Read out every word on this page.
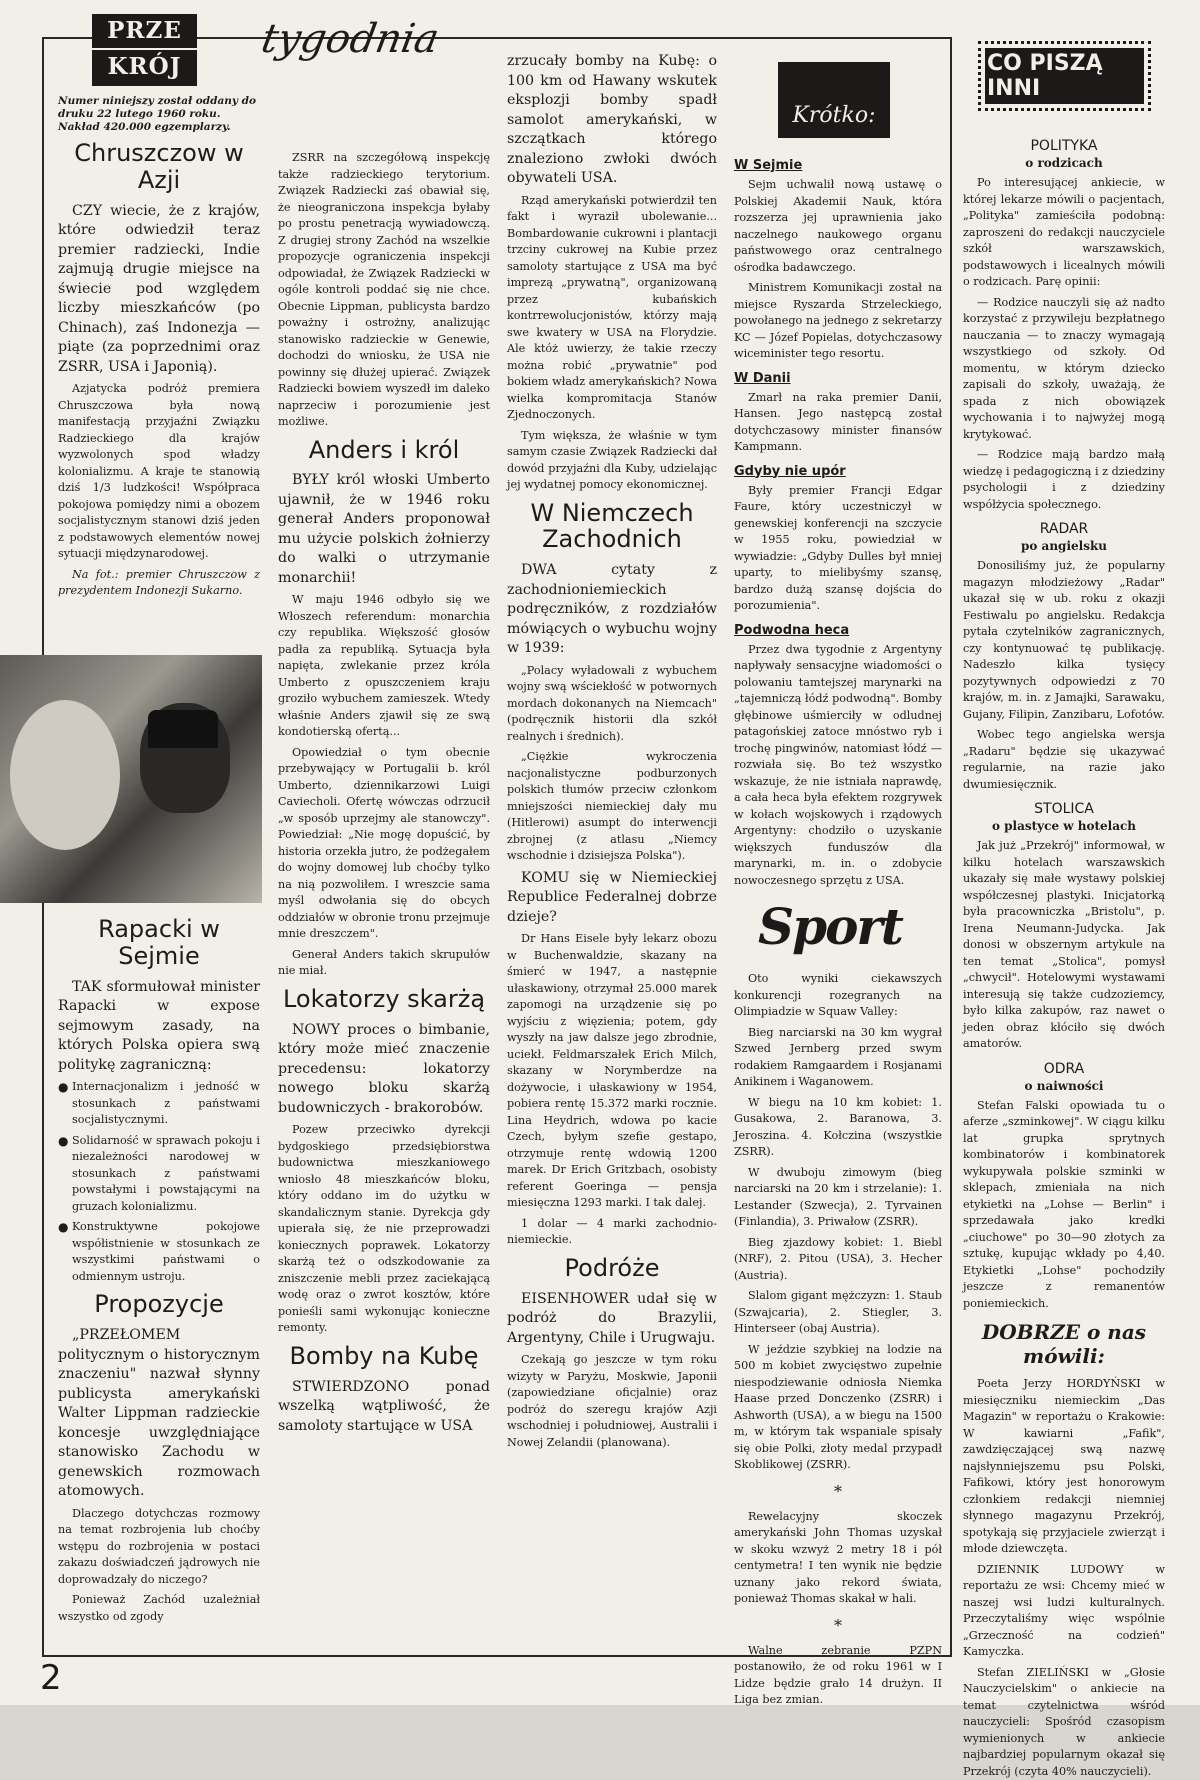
PRZE
KRÓJ
tygodnia

Numer niniejszy został oddany do druku 22 lutego 1960 roku. Nakład 420.000 egzemplarzy.

Chruszczow w Azji

CZY wiecie, że z krajów, które odwiedził teraz premier radziecki, Indie zajmują drugie miejsce na świecie pod względem liczby mieszkańców (po Chinach), zaś Indonezja — piąte (za poprzednimi oraz ZSRR, USA i Japonią).

Azjatycka podróż premiera Chruszczowa była nową manifestacją przyjaźni Związku Radzieckiego dla krajów wyzwolonych spod władzy kolonializmu. A kraje te stanowią dziś 1/3 ludzkości! Współpraca pokojowa pomiędzy nimi a obozem socjalistycznym stanowi dziś jeden z podstawowych elementów nowej sytuacji międzynarodowej.

Na fot.: premier Chruszczow z prezydentem Indonezji Sukarno.

Rapacki w Sejmie

TAK sformułował minister Rapacki w expose sejmowym zasady, na których Polska opiera swą politykę zagraniczną:

● Internacjonalizm i jedność w stosunkach z państwami socjalistycznymi.

● Solidarność w sprawach pokoju i niezależności narodowej w stosunkach z państwami powstałymi i powstającymi na gruzach kolonializmu.

● Konstruktywne pokojowe współistnienie w stosunkach ze wszystkimi państwami o odmiennym ustroju.

Propozycje

„PRZEŁOMEM politycznym o historycznym znaczeniu" nazwał słynny publicysta amerykański Walter Lippman radzieckie koncesje uwzględniające stanowisko Zachodu w genewskich rozmowach atomowych.

Dlaczego dotychczas rozmowy na temat rozbrojenia lub choćby wstępu do rozbrojenia w postaci zakazu doświadczeń jądrowych nie doprowadzały do niczego?

Ponieważ Zachód uzależniał wszystko od zgody

ZSRR na szczegółową inspekcję także radzieckiego terytorium. Związek Radziecki zaś obawiał się, że nieograniczona inspekcja byłaby po prostu penetracją wywiadowczą. Z drugiej strony Zachód na wszelkie propozycje ograniczenia inspekcji odpowiadał, że Związek Radziecki w ogóle kontroli poddać się nie chce. Obecnie Lippman, publicysta bardzo poważny i ostrożny, analizując stanowisko radzieckie w Genewie, dochodzi do wniosku, że USA nie powinny się dłużej upierać. Związek Radziecki bowiem wyszedł im daleko naprzeciw i porozumienie jest możliwe.

Anders i król

BYŁY król włoski Umberto ujawnił, że w 1946 roku generał Anders proponował mu użycie polskich żołnierzy do walki o utrzymanie monarchii!

W maju 1946 odbyło się we Włoszech referendum: monarchia czy republika. Większość głosów padła za republiką. Sytuacja była napięta, zwlekanie przez króla Umberto z opuszczeniem kraju groziło wybuchem zamieszek. Wtedy właśnie Anders zjawił się ze swą kondotierską ofertą...

Opowiedział o tym obecnie przebywający w Portugalii b. król Umberto, dziennikarzowi Luigi Caviecholi. Ofertę wówczas odrzucił „w sposób uprzejmy ale stanowczy". Powiedział: „Nie mogę dopuścić, by historia orzekła jutro, że podżegałem do wojny domowej lub choćby tylko na nią pozwoliłem. I wreszcie sama myśl odwołania się do obcych oddziałów w obronie tronu przejmuje mnie dreszczem".

Generał Anders takich skrupułów nie miał.

Lokatorzy skarżą

NOWY proces o bimbanie, który może mieć znaczenie precedensu: lokatorzy nowego bloku skarżą budowniczych - brakorobów.

Pozew przeciwko dyrekcji bydgoskiego przedsiębiorstwa budownictwa mieszkaniowego wniosło 48 mieszkańców bloku, który oddano im do użytku w skandalicznym stanie. Dyrekcja gdy upierała się, że nie przeprowadzi koniecznych poprawek. Lokatorzy skarżą też o odszkodowanie za zniszczenie mebli przez zaciekającą wodę oraz o zwrot kosztów, które ponieśli sami wykonując konieczne remonty.

Bomby na Kubę

STWIERDZONO ponad wszelką wątpliwość, że samoloty startujące w USA

zrzucały bomby na Kubę: o 100 km od Hawany wskutek eksplozji bomby spadł samolot amerykański, w szczątkach którego znaleziono zwłoki dwóch obywateli USA.

Rząd amerykański potwierdził ten fakt i wyraził ubolewanie... Bombardowanie cukrowni i plantacji trzciny cukrowej na Kubie przez samoloty startujące z USA ma być imprezą „prywatną", organizowaną przez kubańskich kontrrewolucjonistów, którzy mają swe kwatery w USA na Florydzie. Ale któż uwierzy, że takie rzeczy można robić „prywatnie" pod bokiem władz amerykańskich? Nowa wielka kompromitacja Stanów Zjednoczonych.

Tym większa, że właśnie w tym samym czasie Związek Radziecki dał dowód przyjaźni dla Kuby, udzielając jej wydatnej pomocy ekonomicznej.

W Niemczech Zachodnich

DWA cytaty z zachodnioniemieckich podręczników, z rozdziałów mówiących o wybuchu wojny w 1939:

„Polacy wyładowali z wybuchem wojny swą wściekłość w potwornych mordach dokonanych na Niemcach" (podręcznik historii dla szkół realnych i średnich).

„Ciężkie wykroczenia nacjonalistyczne podburzonych polskich tłumów przeciw członkom mniejszości niemieckiej dały mu (Hitlerowi) asumpt do interwencji zbrojnej (z atlasu „Niemcy wschodnie i dzisiejsza Polska").

KOMU się w Niemieckiej Republice Federalnej dobrze dzieje?

Dr Hans Eisele były lekarz obozu w Buchenwaldzie, skazany na śmierć w 1947, a następnie ułaskawiony, otrzymał 25.000 marek zapomogi na urządzenie się po wyjściu z więzienia; potem, gdy wyszły na jaw dalsze jego zbrodnie, uciekł. Feldmarszałek Erich Milch, skazany w Norymberdze na dożywocie, i ułaskawiony w 1954, pobiera rentę 15.372 marki rocznie. Lina Heydrich, wdowa po kacie Czech, byłym szefie gestapo, otrzymuje rentę wdowią 1200 marek. Dr Erich Gritzbach, osobisty referent Goeringa — pensja miesięczna 1293 marki. I tak dalej.

1 dolar — 4 marki zachodnio-niemieckie.

Podróże

EISENHOWER udał się w podróż do Brazylii, Argentyny, Chile i Urugwaju.

Czekają go jeszcze w tym roku wizyty w Paryżu, Moskwie, Japonii (zapowiedziane oficjalnie) oraz podróż do szeregu krajów Azji wschodniej i południowej, Australii i Nowej Zelandii (planowana).

Krótko:
W Sejmie

Sejm uchwalił nową ustawę o Polskiej Akademii Nauk, która rozszerza jej uprawnienia jako naczelnego naukowego organu państwowego oraz centralnego ośrodka badawczego.

Ministrem Komunikacji został na miejsce Ryszarda Strzeleckiego, powołanego na jednego z sekretarzy KC — Józef Popielas, dotychczasowy wiceminister tego resortu.

W Danii

Zmarł na raka premier Danii, Hansen. Jego następcą został dotychczasowy minister finansów Kampmann.

Gdyby nie upór

Były premier Francji Edgar Faure, który uczestniczył w genewskiej konferencji na szczycie w 1955 roku, powiedział w wywiadzie: „Gdyby Dulles był mniej uparty, to mielibyśmy szansę, bardzo dużą szansę dojścia do porozumienia".

Podwodna heca

Przez dwa tygodnie z Argentyny napływały sensacyjne wiadomości o polowaniu tamtejszej marynarki na „tajemniczą łódź podwodną". Bomby głębinowe uśmierciły w odludnej patagońskiej zatoce mnóstwo ryb i trochę pingwinów, natomiast łódź — rozwiała się. Bo też wszystko wskazuje, że nie istniała naprawdę, a cała heca była efektem rozgrywek w kołach wojskowych i rządowych Argentyny: chodziło o uzyskanie większych funduszów dla marynarki, m. in. o zdobycie nowoczesnego sprzętu z USA.

Oto wyniki ciekawszych konkurencji rozegranych na Olimpiadzie w Squaw Valley:

Bieg narciarski na 30 km wygrał Szwed Jernberg przed swym rodakiem Ramgaardem i Rosjanami Anikinem i Waganowem.

W biegu na 10 km kobiet: 1. Gusakowa, 2. Baranowa, 3. Jeroszina. 4. Kołczina (wszystkie ZSRR).

W dwuboju zimowym (bieg narciarski na 20 km i strzelanie): 1. Lestander (Szwecja), 2. Tyrvainen (Finlandia), 3. Priwałow (ZSRR).

Bieg zjazdowy kobiet: 1. Biebl (NRF), 2. Pitou (USA), 3. Hecher (Austria).

Slalom gigant mężczyzn: 1. Staub (Szwajcaria), 2. Stiegler, 3. Hinterseer (obaj Austria).

W jeździe szybkiej na lodzie na 500 m kobiet zwycięstwo zupełnie niespodziewanie odniosła Niemka Haase przed Donczenko (ZSRR) i Ashworth (USA), a w biegu na 1500 m, w którym tak wspaniale spisały się obie Polki, złoty medal przypadł Skoblikowej (ZSRR).

*

Rewelacyjny skoczek amerykański John Thomas uzyskał w skoku wzwyż 2 metry 18 i pół centymetra! I ten wynik nie będzie uznany jako rekord świata, ponieważ Thomas skakał w hali.

*

Walne zebranie PZPN postanowiło, że od roku 1961 w I Lidze będzie grało 14 drużyn. II Liga bez zmian.

Sport
CO PISZĄ INNI
POLITYKA
o rodzicach

Po interesującej ankiecie, w której lekarze mówili o pacjentach, „Polityka" zamieściła podobną: zaproszeni do redakcji nauczyciele szkół warszawskich, podstawowych i licealnych mówili o rodzicach. Parę opinii:

— Rodzice nauczyli się aż nadto korzystać z przywileju bezpłatnego nauczania — to znaczy wymagają wszystkiego od szkoły. Od momentu, w którym dziecko zapisali do szkoły, uważają, że spada z nich obowiązek wychowania i to najwyżej mogą krytykować.

— Rodzice mają bardzo małą wiedzę i pedagogiczną i z dziedziny psychologii i z dziedziny współżycia społecznego.

RADAR
po angielsku

Donosiliśmy już, że popularny magazyn młodzieżowy „Radar" ukazał się w ub. roku z okazji Festiwalu po angielsku. Redakcja pytała czytelników zagranicznych, czy kontynuować tę publikację. Nadeszło kilka tysięcy pozytywnych odpowiedzi z 70 krajów, m. in. z Jamajki, Sarawaku, Gujany, Filipin, Zanzibaru, Lofotów.

Wobec tego angielska wersja „Radaru" będzie się ukazywać regularnie, na razie jako dwumiesięcznik.

STOLICA
o plastyce w hotelach

Jak już „Przekrój" informował, w kilku hotelach warszawskich ukazały się małe wystawy polskiej współczesnej plastyki. Inicjatorką była pracowniczka „Bristolu", p. Irena Neumann-Judycka. Jak donosi w obszernym artykule na ten temat „Stolica", pomysł „chwycił". Hotelowymi wystawami interesują się także cudzoziemcy, było kilka zakupów, raz nawet o jeden obraz kłóciło się dwóch amatorów.

ODRA
o naiwności

Stefan Falski opowiada tu o aferze „szminkowej". W ciągu kilku lat grupka sprytnych kombinatorów i kombinatorek wykupywała polskie szminki w sklepach, zmieniała na nich etykietki na „Lohse — Berlin" i sprzedawała jako kredki „ciuchowe" po 30—90 złotych za sztukę, kupując wkłady po 4,40. Etykietki „Lohse" pochodziły jeszcze z remanentów poniemieckich.

DOBRZE o nas mówili:

Poeta Jerzy HORDYŃSKI w miesięczniku niemieckim „Das Magazin" w reportażu o Krakowie: W kawiarni „Fafik", zawdzięczającej swą nazwę najsłynniejszemu psu Polski, Fafikowi, który jest honorowym członkiem redakcji niemniej słynnego magazynu Przekrój, spotykają się przyjaciele zwierząt i młode dziewczęta.

DZIENNIK LUDOWY w reportażu ze wsi: Chcemy mieć w naszej wsi ludzi kulturalnych. Przeczytaliśmy więc wspólnie „Grzeczność na codzień" Kamyczka.

Stefan ZIELIŃSKI w „Głosie Nauczycielskim" o ankiecie na temat czytelnictwa wśród nauczycieli: Spośród czasopism wymienionych w ankiecie najbardziej popularnym okazał się Przekrój (czyta 40% nauczycieli).

2
